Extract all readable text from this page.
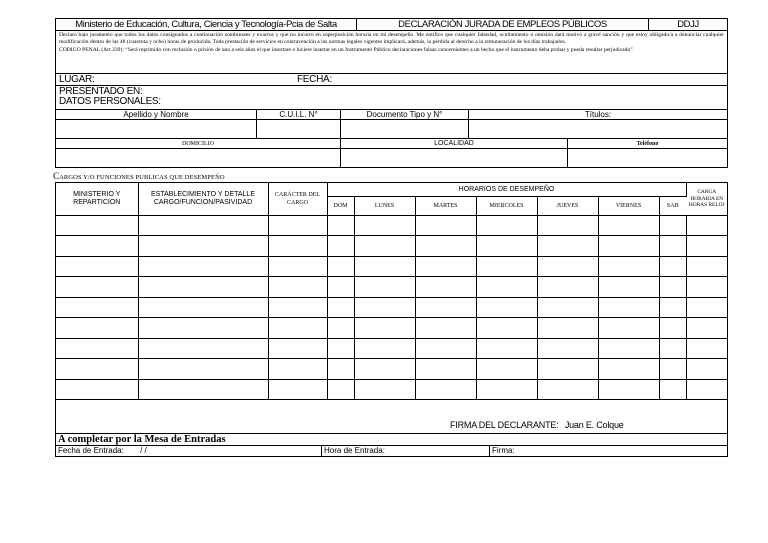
Ministerio de Educación, Cultura, Ciencia y Tecnología-Pcia de Salta	DECLARACIÓN JURADA DE EMPLEOS PÚBLICOS	DDJJ
Declaro bajo juramento que todos los datos consignados a continuación sombreases y exactos y que no incurro en superposición horaria en mi desempeño. Me notifico que cualquier falsedad, ocultamiento u omisión dará motivo a gravé sanción y que estoy obligado/a a denunciar cualquier modificación dentro de las 48 (cuarenta y ocho) horas de producida. Toda prestación de servicios en contravención a las normas legales vigentes implicará, además, la pérdida al derecho a la remuneración de los días trabajados.
CODIGO PENAL (Art.239): “Será reprimido con reclusión o prisión de uno a seis años el que insertare o hiciere insertar en un Instrumento Público declaraciones falsas concernientes a un hecho que el instrumento deba probar y pueda resultar perjudicado”.
LUGAR:	FECHA:
PRESENTADO EN:
DATOS PERSONALES:
Apellido y Nombre	C.U.I.L. N°	Documento Tipo y N°	Títulos:
DOMICILIO	LOCALIDAD	Teléfono
CARGOS Y/O FUNCIONES PUBLICAS QUE DESEMPEÑO
MINISTERIO Y REPARTICION	ESTABLECIMIENTO Y DETALLE CARGO/FUNCION/PASIVIDAD	CARÁCTER DEL CARGO	HORARIOS DE DESEMPEÑO							CARGA HORARIA EN HORAS RELOJ
			DOM	LUNES	MARTES	MIERCOLES	JUEVES	VIERNES	SAB	

FIRMA DEL DECLARANTE: Juan E. Colque
A completar por la Mesa de Entradas
Fecha de Entrada: / /	Hora de Entrada:	Firma:
